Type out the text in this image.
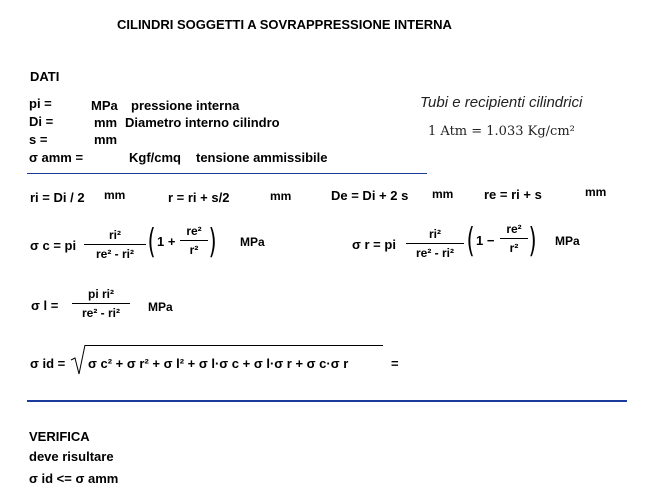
CILINDRI SOGGETTI A SOVRAPPRESSIONE INTERNA
DATI
pi =	MPa pressione interna
Di =	mm Diametro interno cilindro
s =	mm
σ amm =	Kgf/cmq tensione ammissibile
Tubi e recipienti cilindrici
1 Atm = 1.033 Kg/cm²
ri = Di / 2 mm	r = ri + s/2	mm	De = Di + 2 s mm re = ri + s	mm
σ c = pi
ri²
re² - ri² ( 1 +
re²
r² ) MPa	σ r = pi
ri²
re² - ri² ( 1 −
re²
r² ) MPa
σ l =
pi ri²
re² - ri²	MPa
σ id = σ c² + σ r² + σ l² + σ l·σ c + σ l·σ r + σ c·σ r	=
VERIFICA
deve risultare
σ id <= σ amm
